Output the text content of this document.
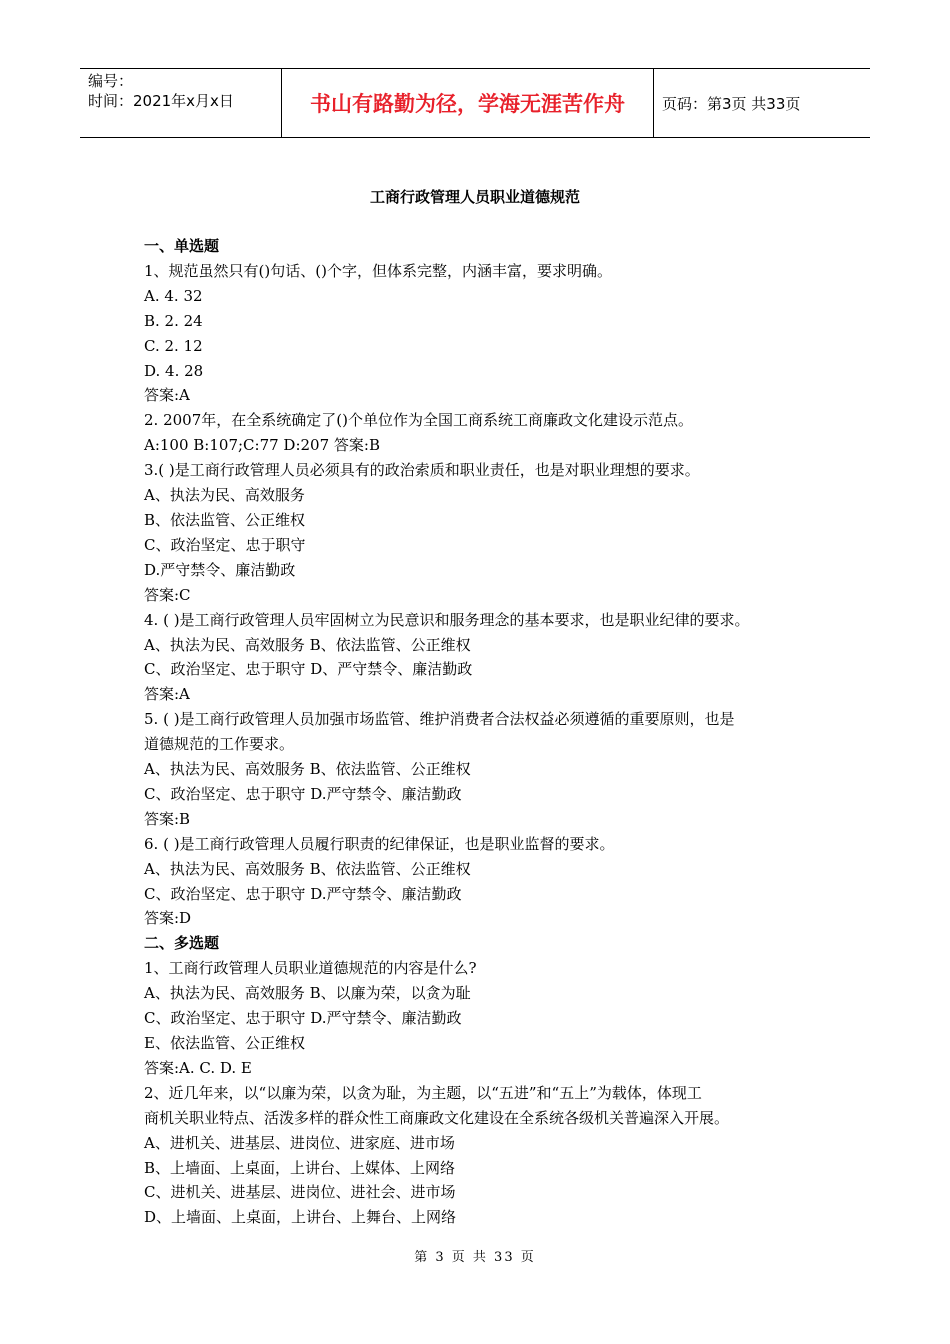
编号：
时间：2021年x月x日	书山有路勤为径，学海无涯苦作舟	页码：第3页 共33页
工商行政管理人员职业道德规范
一、单选题
1、规范虽然只有()句话、()个字，但体系完整，内涵丰富，要求明确。
A. 4. 32
B. 2. 24
C. 2. 12
D. 4. 28
答案:A
2. 2007年，在全系统确定了()个单位作为全国工商系统工商廉政文化建设示范点。
A:100 B:107;C:77 D:207 答案:B
3.( )是工商行政管理人员必须具有的政治索质和职业责任，也是对职业理想的要求。
A、执法为民、高效服务
B、依法监管、公正维权
C、政治坚定、忠于职守
D.严守禁令、廉洁勤政
答案:C
4. ( )是工商行政管理人员牢固树立为民意识和服务理念的基本要求，也是职业纪律的要求。
A、执法为民、高效服务 B、依法监管、公正维权
C、政治坚定、忠于职守 D、严守禁令、廉洁勤政
答案:A
5. ( )是工商行政管理人员加强市场监管、维护消费者合法权益必须遵循的重要原则，也是
道德规范的工作要求。
A、执法为民、高效服务 B、依法监管、公正维权
C、政治坚定、忠于职守 D.严守禁令、廉洁勤政
答案:B
6. ( )是工商行政管理人员履行职责的纪律保证，也是职业监督的要求。
A、执法为民、高效服务 B、依法监管、公正维权
C、政治坚定、忠于职守 D.严守禁令、廉洁勤政
答案:D
二、多选题
1、工商行政管理人员职业道德规范的内容是什么?
A、执法为民、高效服务 B、以廉为荣，以贪为耻
C、政治坚定、忠于职守 D.严守禁令、廉洁勤政
E、依法监管、公正维权
答案:A. C. D. E
2、近几年来，以“以廉为荣，以贪为耻，为主题，以“五进”和“五上”为载体，体现工
商机关职业特点、活泼多样的群众性工商廉政文化建设在全系统各级机关普遍深入开展。
A、进机关、进基层、进岗位、进家庭、进市场
B、上墙面、上桌面，上讲台、上媒体、上网络
C、进机关、进基层、进岗位、进社会、进市场
D、上墙面、上桌面，上讲台、上舞台、上网络
第 3 页 共 33 页
